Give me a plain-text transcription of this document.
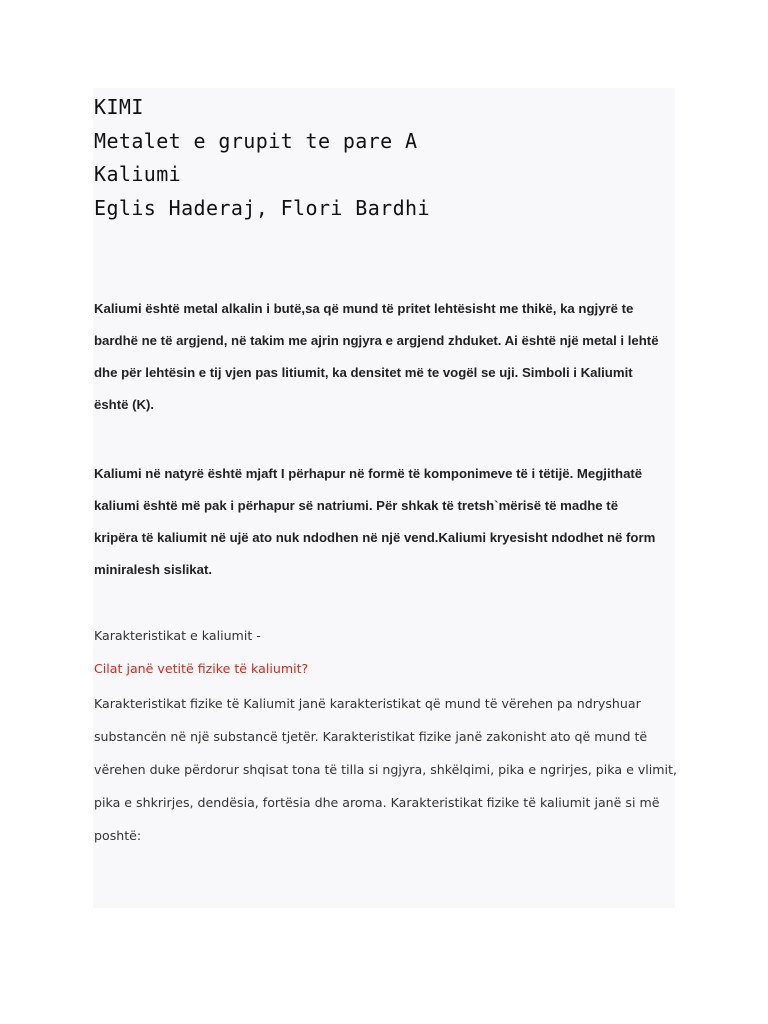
KIMI
Metalet e grupit te pare A
Kaliumi
Eglis Haderaj, Flori Bardhi
Kaliumi është metal alkalin i butë,sa që mund të pritet lehtësisht me thikë, ka ngjyrë te
bardhë ne të argjend, në takim me ajrin ngjyra e argjend zhduket. Ai është një metal i lehtë
dhe për lehtësin e tij vjen pas litiumit, ka densitet më te vogël se uji. Simboli i Kaliumit
është (K).
Kaliumi në natyrë është mjaft I përhapur në formë të komponimeve të i tëtijë. Megjithatë
kaliumi është më pak i përhapur së natriumi. Për shkak të tretsh`mërisë të madhe të
kripëra të kaliumit në ujë ato nuk ndodhen në një vend.Kaliumi kryesisht ndodhet në form
miniralesh sislikat.
Karakteristikat e kaliumit -
Cilat janë vetitë fizike të kaliumit?
Karakteristikat fizike të Kaliumit janë karakteristikat që mund të vërehen pa ndryshuar
substancën në një substancë tjetër. Karakteristikat fizike janë zakonisht ato që mund të
vërehen duke përdorur shqisat tona të tilla si ngjyra, shkëlqimi, pika e ngrirjes, pika e vlimit,
pika e shkrirjes, dendësia, fortësia dhe aroma. Karakteristikat fizike të kaliumit janë si më
poshtë:
